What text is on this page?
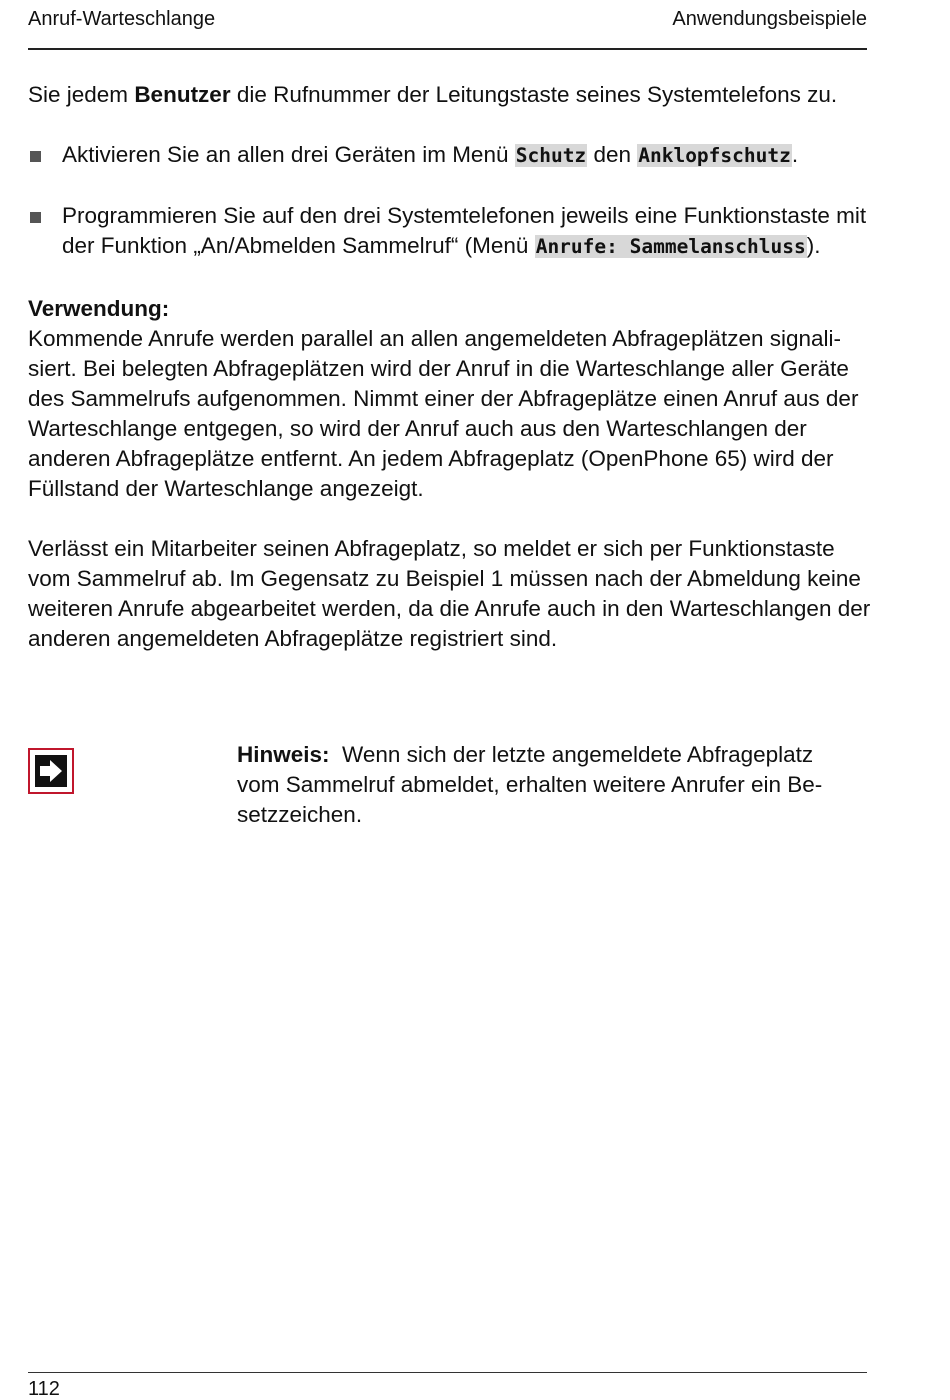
Anruf-Warteschlange	Anwendungsbeispiele

Sie jedem Benutzer die Rufnummer der Leitungstaste seines Systemtelefons zu.

Aktivieren Sie an allen drei Geräten im Menü Schutz den Anklopfschutz.
Programmieren Sie auf den drei Systemtelefonen jeweils eine Funktionstaste mit der Funktion „An/Abmelden Sammelruf“ (Menü Anrufe: Sammelanschluss).
Verwendung:

Kommende Anrufe werden parallel an allen angemeldeten Abfrageplätzen signalisiert. Bei belegten Abfrageplätzen wird der Anruf in die Warteschlange aller Geräte des Sammelrufs aufgenommen. Nimmt einer der Abfrageplätze einen Anruf aus der Warteschlange entgegen, so wird der Anruf auch aus den Warteschlangen der anderen Abfrageplätze entfernt. An jedem Abfrageplatz (OpenPhone 65) wird der Füllstand der Warteschlange angezeigt.

Verlässt ein Mitarbeiter seinen Abfrageplatz, so meldet er sich per Funktionstaste vom Sammelruf ab. Im Gegensatz zu Beispiel 1 müssen nach der Abmeldung keine weiteren Anrufe abgearbeitet werden, da die Anrufe auch in den Warteschlangen der anderen angemeldeten Abfrageplätze registriert sind.

Hinweis: Wenn sich der letzte angemeldete Abfrageplatz vom Sammelruf abmeldet, erhalten weitere Anrufer ein Besetzzeichen.
112
